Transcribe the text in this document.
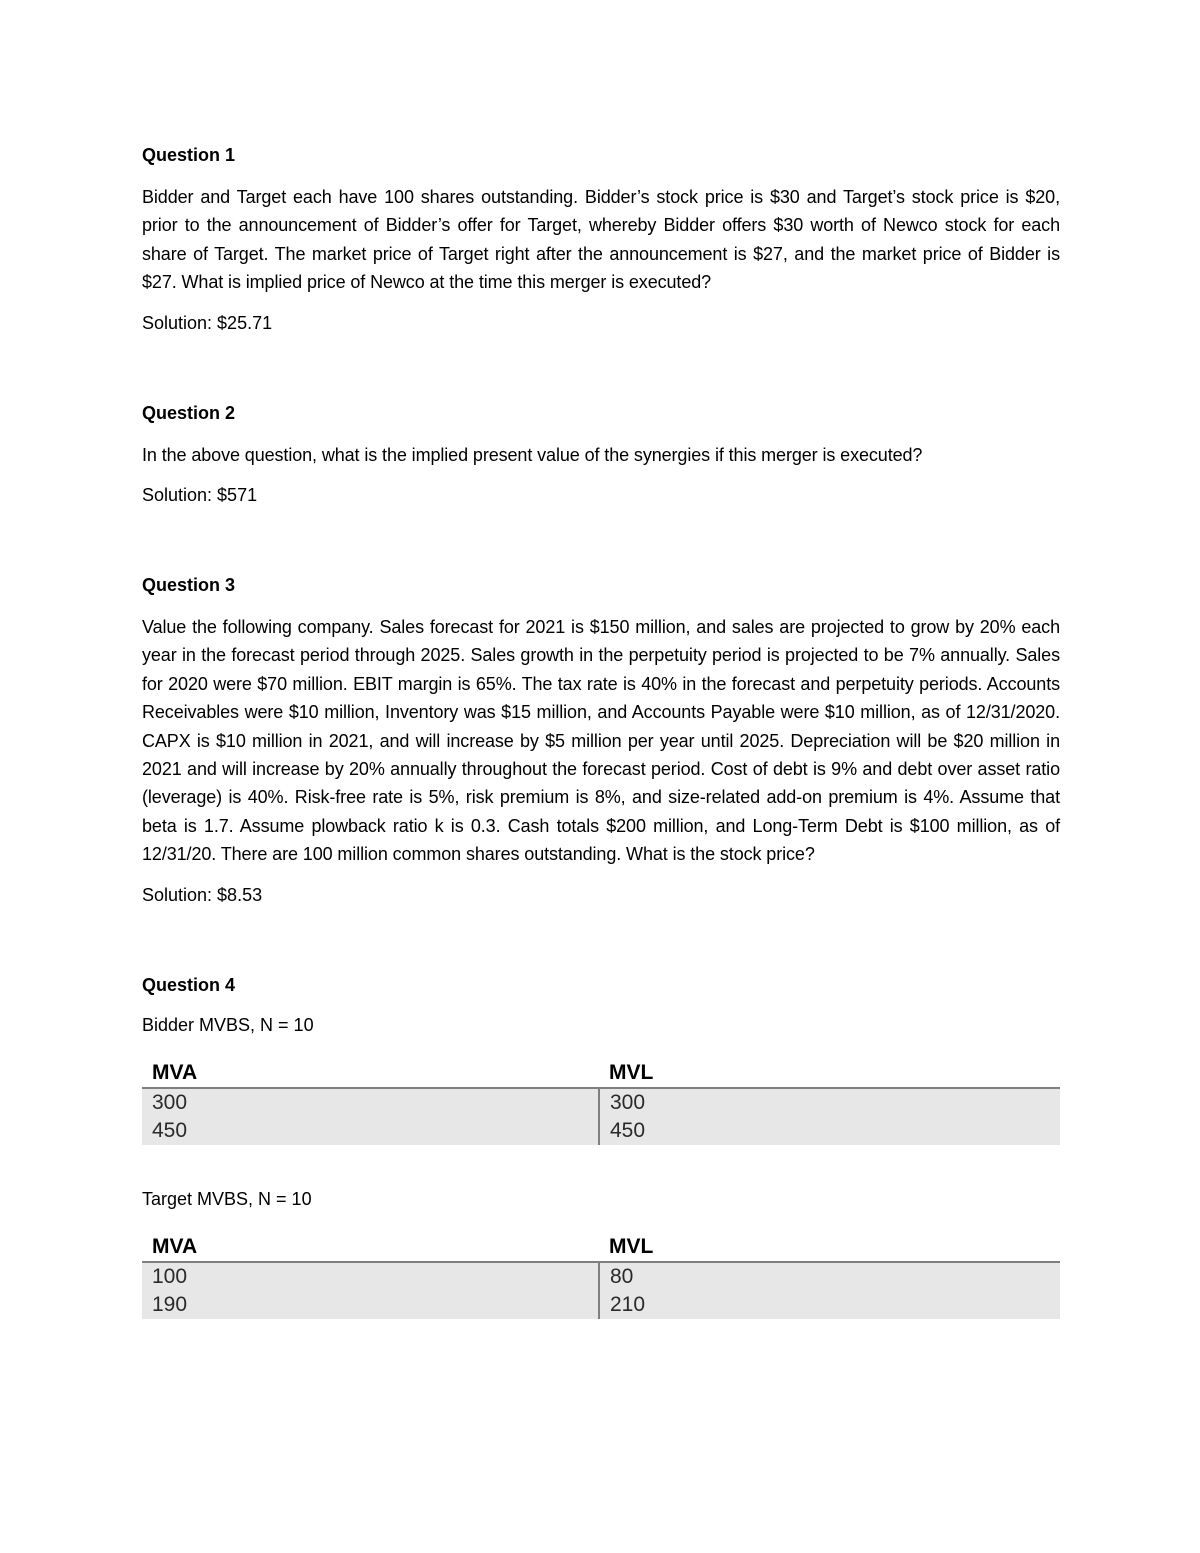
Question 1

Bidder and Target each have 100 shares outstanding. Bidder’s stock price is $30 and Target’s stock price is $20, prior to the announcement of Bidder’s offer for Target, whereby Bidder offers $30 worth of Newco stock for each share of Target. The market price of Target right after the announcement is $27, and the market price of Bidder is $27. What is implied price of Newco at the time this merger is executed?

Solution: $25.71

Question 2

In the above question, what is the implied present value of the synergies if this merger is executed?

Solution: $571

Question 3

Value the following company. Sales forecast for 2021 is $150 million, and sales are projected to grow by 20% each year in the forecast period through 2025. Sales growth in the perpetuity period is projected to be 7% annually. Sales for 2020 were $70 million. EBIT margin is 65%. The tax rate is 40% in the forecast and perpetuity periods. Accounts Receivables were $10 million, Inventory was $15 million, and Accounts Payable were $10 million, as of 12/31/2020. CAPX is $10 million in 2021, and will increase by $5 million per year until 2025. Depreciation will be $20 million in 2021 and will increase by 20% annually throughout the forecast period. Cost of debt is 9% and debt over asset ratio (leverage) is 40%. Risk-free rate is 5%, risk premium is 8%, and size-related add-on premium is 4%. Assume that beta is 1.7. Assume plowback ratio k is 0.3. Cash totals $200 million, and Long-Term Debt is $100 million, as of 12/31/20. There are 100 million common shares outstanding. What is the stock price?

Solution: $8.53

Question 4

Bidder MVBS, N = 10

MVA	MVL
300	300
450	450

Target MVBS, N = 10

MVA	MVL
100	80
190	210
